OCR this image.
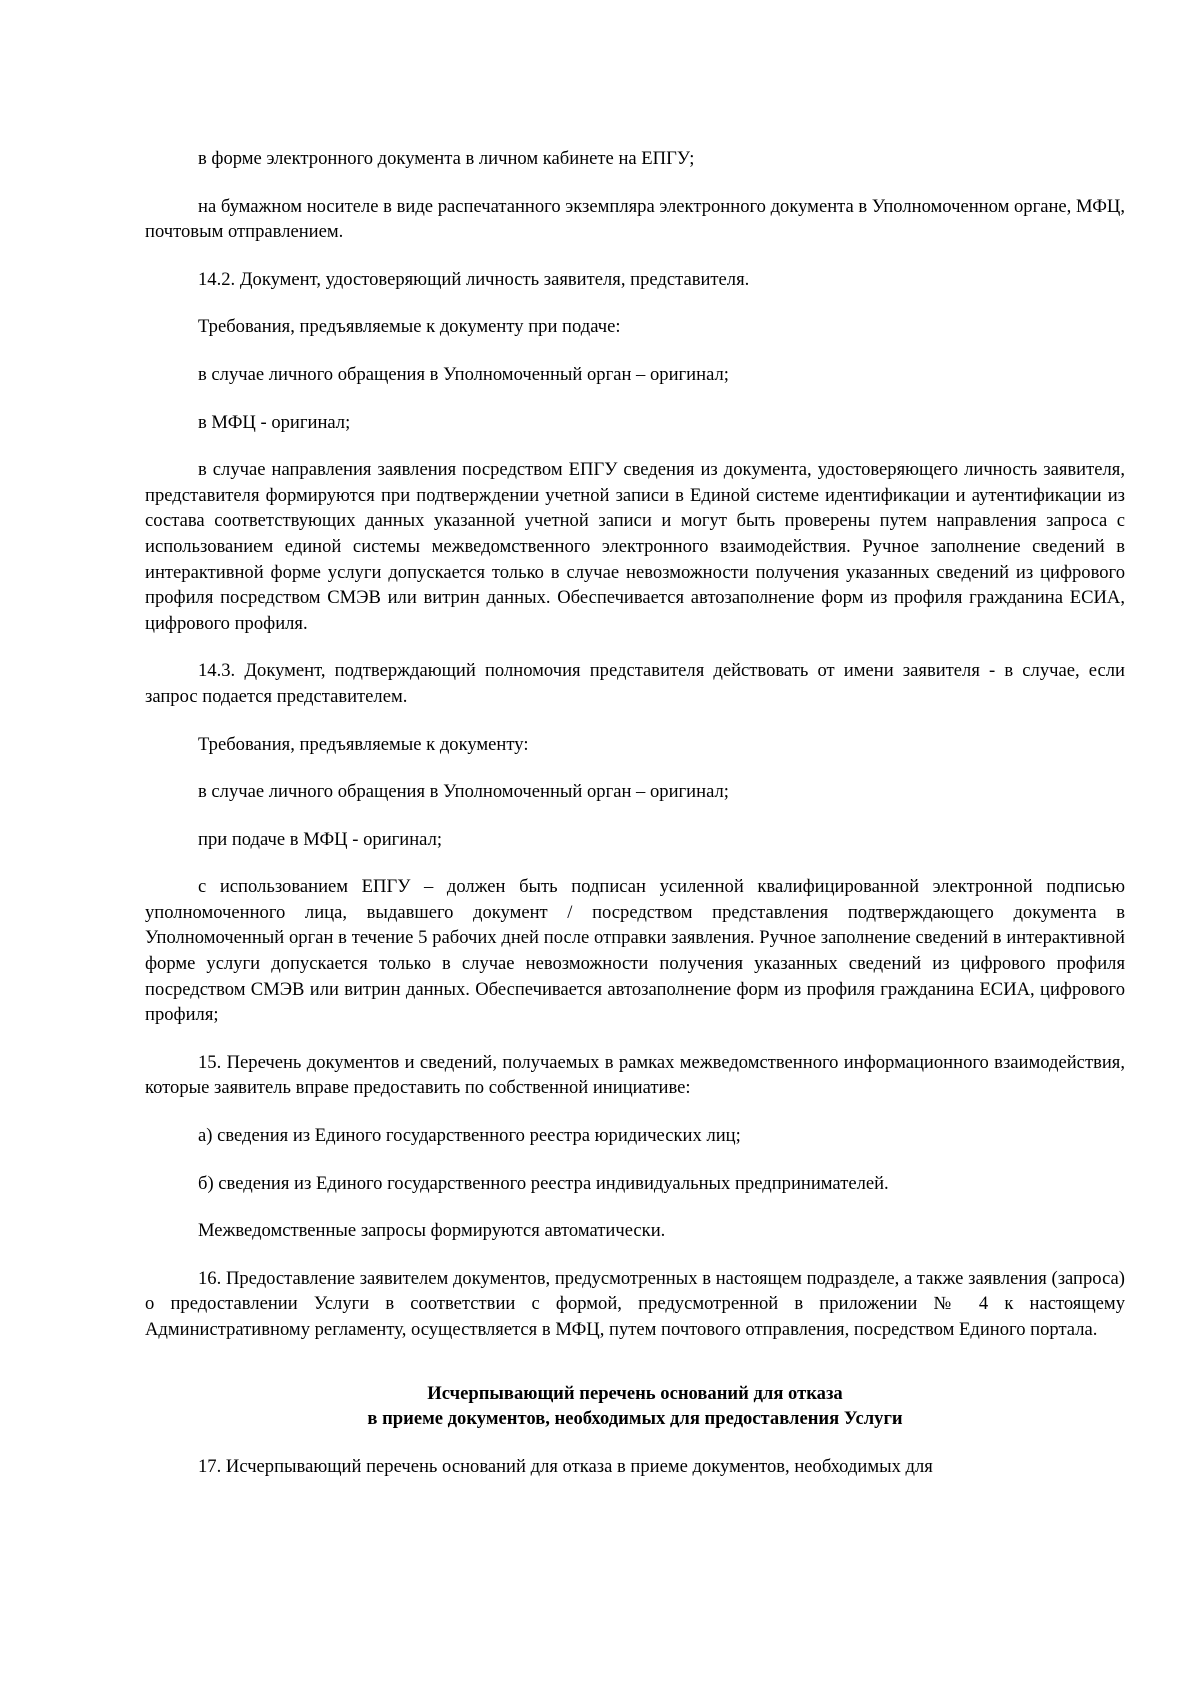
в форме электронного документа в личном кабинете на ЕПГУ;

на бумажном носителе в виде распечатанного экземпляра электронного документа в Уполномоченном органе, МФЦ, почтовым отправлением.

14.2. Документ, удостоверяющий личность заявителя, представителя.

Требования, предъявляемые к документу при подаче:

в случае личного обращения в Уполномоченный орган – оригинал;

в МФЦ - оригинал;

в случае направления заявления посредством ЕПГУ сведения из документа, удостоверяющего личность заявителя, представителя формируются при подтверждении учетной записи в Единой системе идентификации и аутентификации из состава соответствующих данных указанной учетной записи и могут быть проверены путем направления запроса с использованием единой системы межведомственного электронного взаимодействия. Ручное заполнение сведений в интерактивной форме услуги допускается только в случае невозможности получения указанных сведений из цифрового профиля посредством СМЭВ или витрин данных. Обеспечивается автозаполнение форм из профиля гражданина ЕСИА, цифрового профиля.

14.3. Документ, подтверждающий полномочия представителя действовать от имени заявителя - в случае, если запрос подается представителем.

Требования, предъявляемые к документу:

в случае личного обращения в Уполномоченный орган – оригинал;

при подаче в МФЦ - оригинал;

с использованием ЕПГУ – должен быть подписан усиленной квалифицированной электронной подписью уполномоченного лица, выдавшего документ / посредством представления подтверждающего документа в Уполномоченный орган в течение 5 рабочих дней после отправки заявления. Ручное заполнение сведений в интерактивной форме услуги допускается только в случае невозможности получения указанных сведений из цифрового профиля посредством СМЭВ или витрин данных. Обеспечивается автозаполнение форм из профиля гражданина ЕСИА, цифрового профиля;

15. Перечень документов и сведений, получаемых в рамках межведомственного информационного взаимодействия, которые заявитель вправе предоставить по собственной инициативе:

а) сведения из Единого государственного реестра юридических лиц;

б) сведения из Единого государственного реестра индивидуальных предпринимателей.

Межведомственные запросы формируются автоматически.

16. Предоставление заявителем документов, предусмотренных в настоящем подразделе, а также заявления (запроса) о предоставлении Услуги в соответствии с формой, предусмотренной в приложении № 4 к настоящему Административному регламенту, осуществляется в МФЦ, путем почтового отправления, посредством Единого портала.

Исчерпывающий перечень оснований для отказа
в приеме документов, необходимых для предоставления Услуги

17. Исчерпывающий перечень оснований для отказа в приеме документов, необходимых для
